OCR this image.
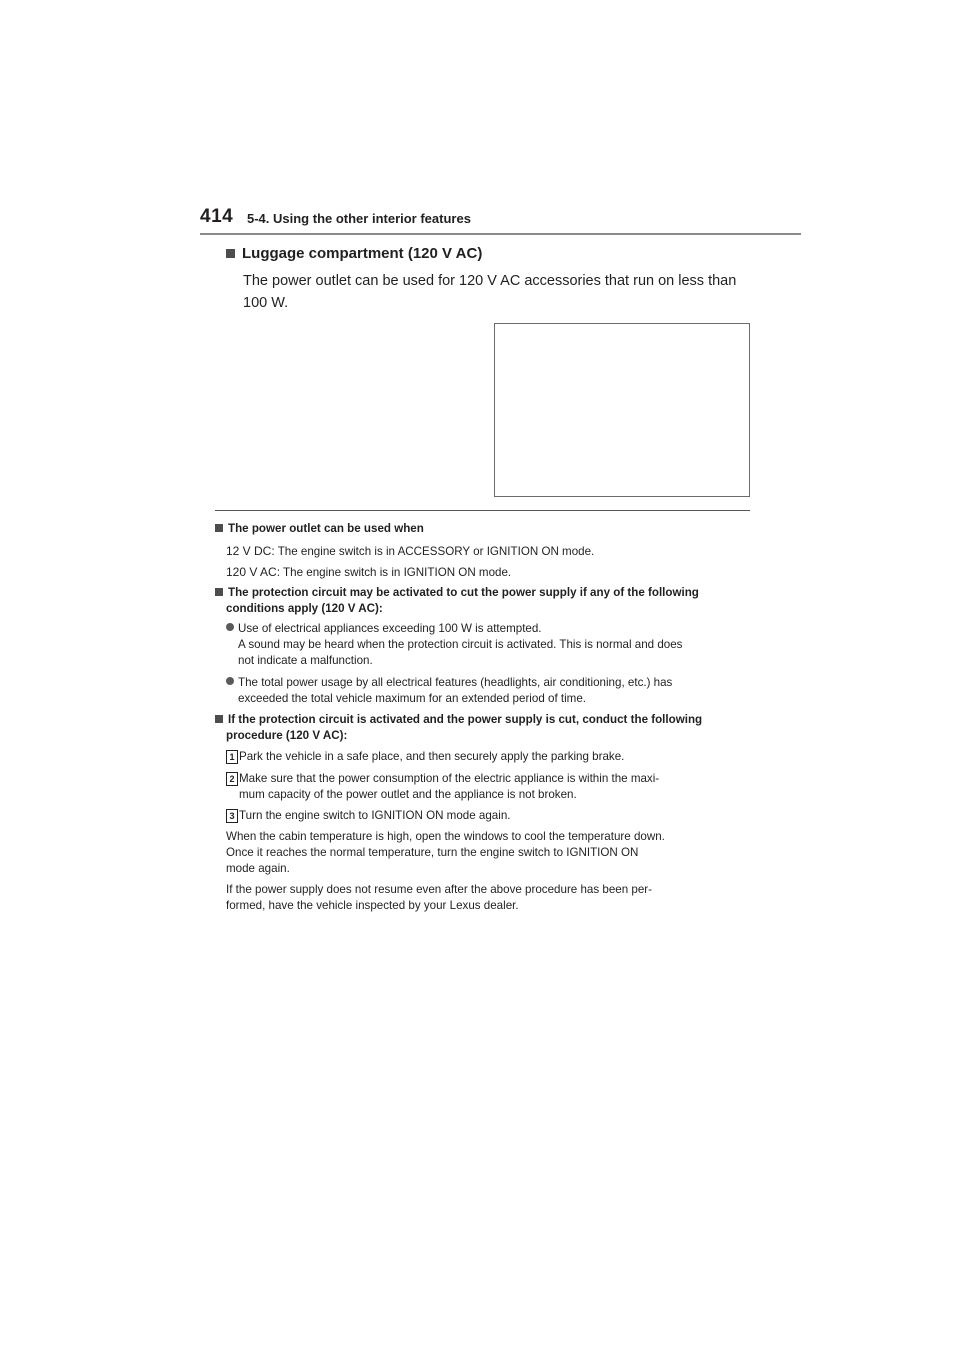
414 5-4. Using the other interior features
Luggage compartment (120 V AC)
The power outlet can be used for 120 V AC accessories that run on less than 100 W.
The power outlet can be used when
12 V DC: The engine switch is in ACCESSORY or IGNITION ON mode.
120 V AC: The engine switch is in IGNITION ON mode.
The protection circuit may be activated to cut the power supply if any of the following
conditions apply (120 V AC):
Use of electrical appliances exceeding 100 W is attempted.
A sound may be heard when the protection circuit is activated. This is normal and does
not indicate a malfunction.
The total power usage by all electrical features (headlights, air conditioning, etc.) has
exceeded the total vehicle maximum for an extended period of time.
If the protection circuit is activated and the power supply is cut, conduct the following
procedure (120 V AC):
1 Park the vehicle in a safe place, and then securely apply the parking brake.
2 Make sure that the power consumption of the electric appliance is within the maxi-
mum capacity of the power outlet and the appliance is not broken.
3 Turn the engine switch to IGNITION ON mode again.
When the cabin temperature is high, open the windows to cool the temperature down.
Once it reaches the normal temperature, turn the engine switch to IGNITION ON
mode again.
If the power supply does not resume even after the above procedure has been per-
formed, have the vehicle inspected by your Lexus dealer.
